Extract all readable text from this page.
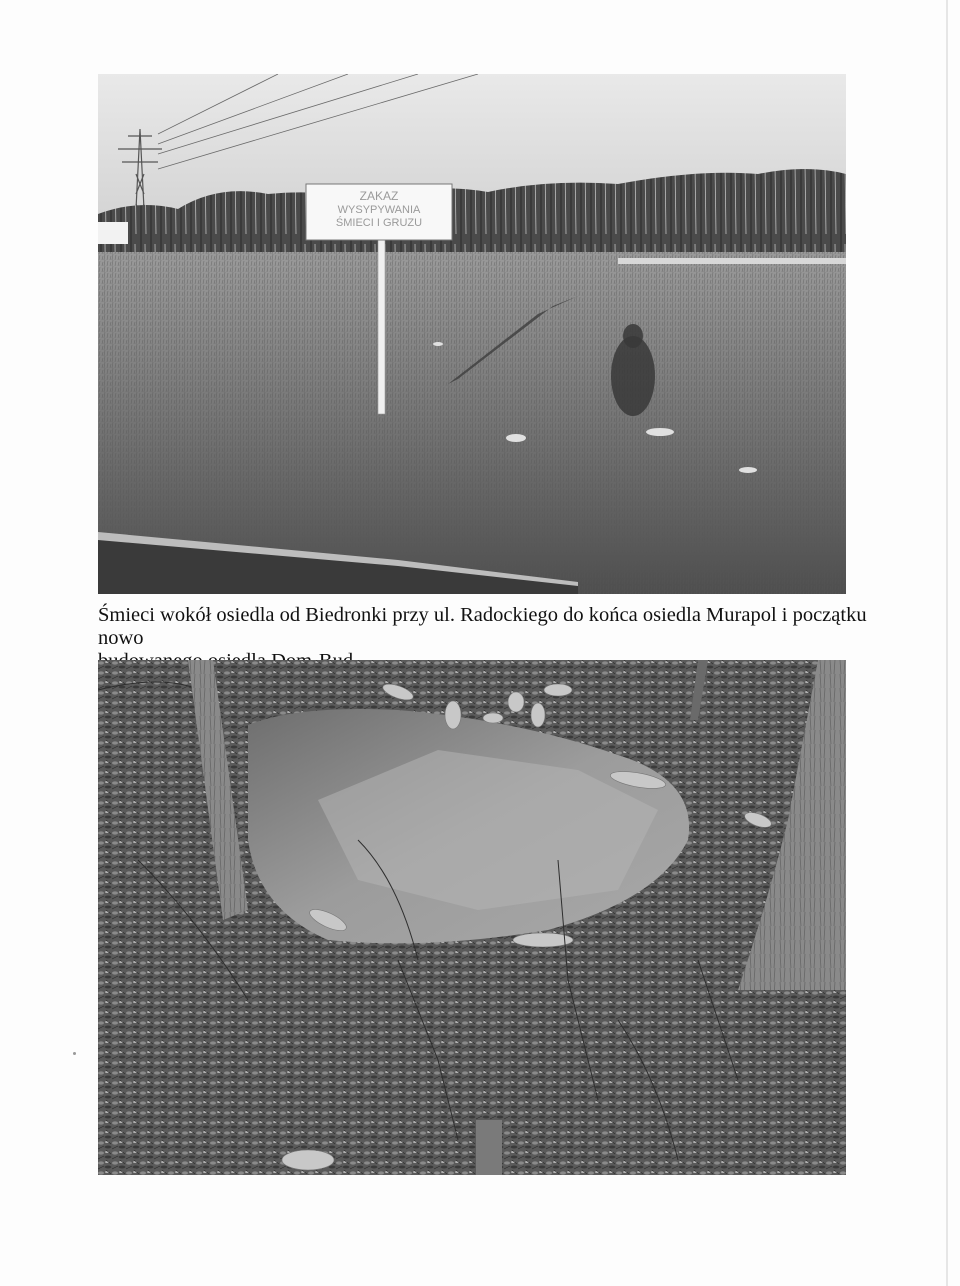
ZAKAZ
WYSYPYWANIA
ŚMIECI I GRUZU
Śmieci wokół osiedla od Biedronki przy ul. Radockiego do końca osiedla Murapol i początku nowo
